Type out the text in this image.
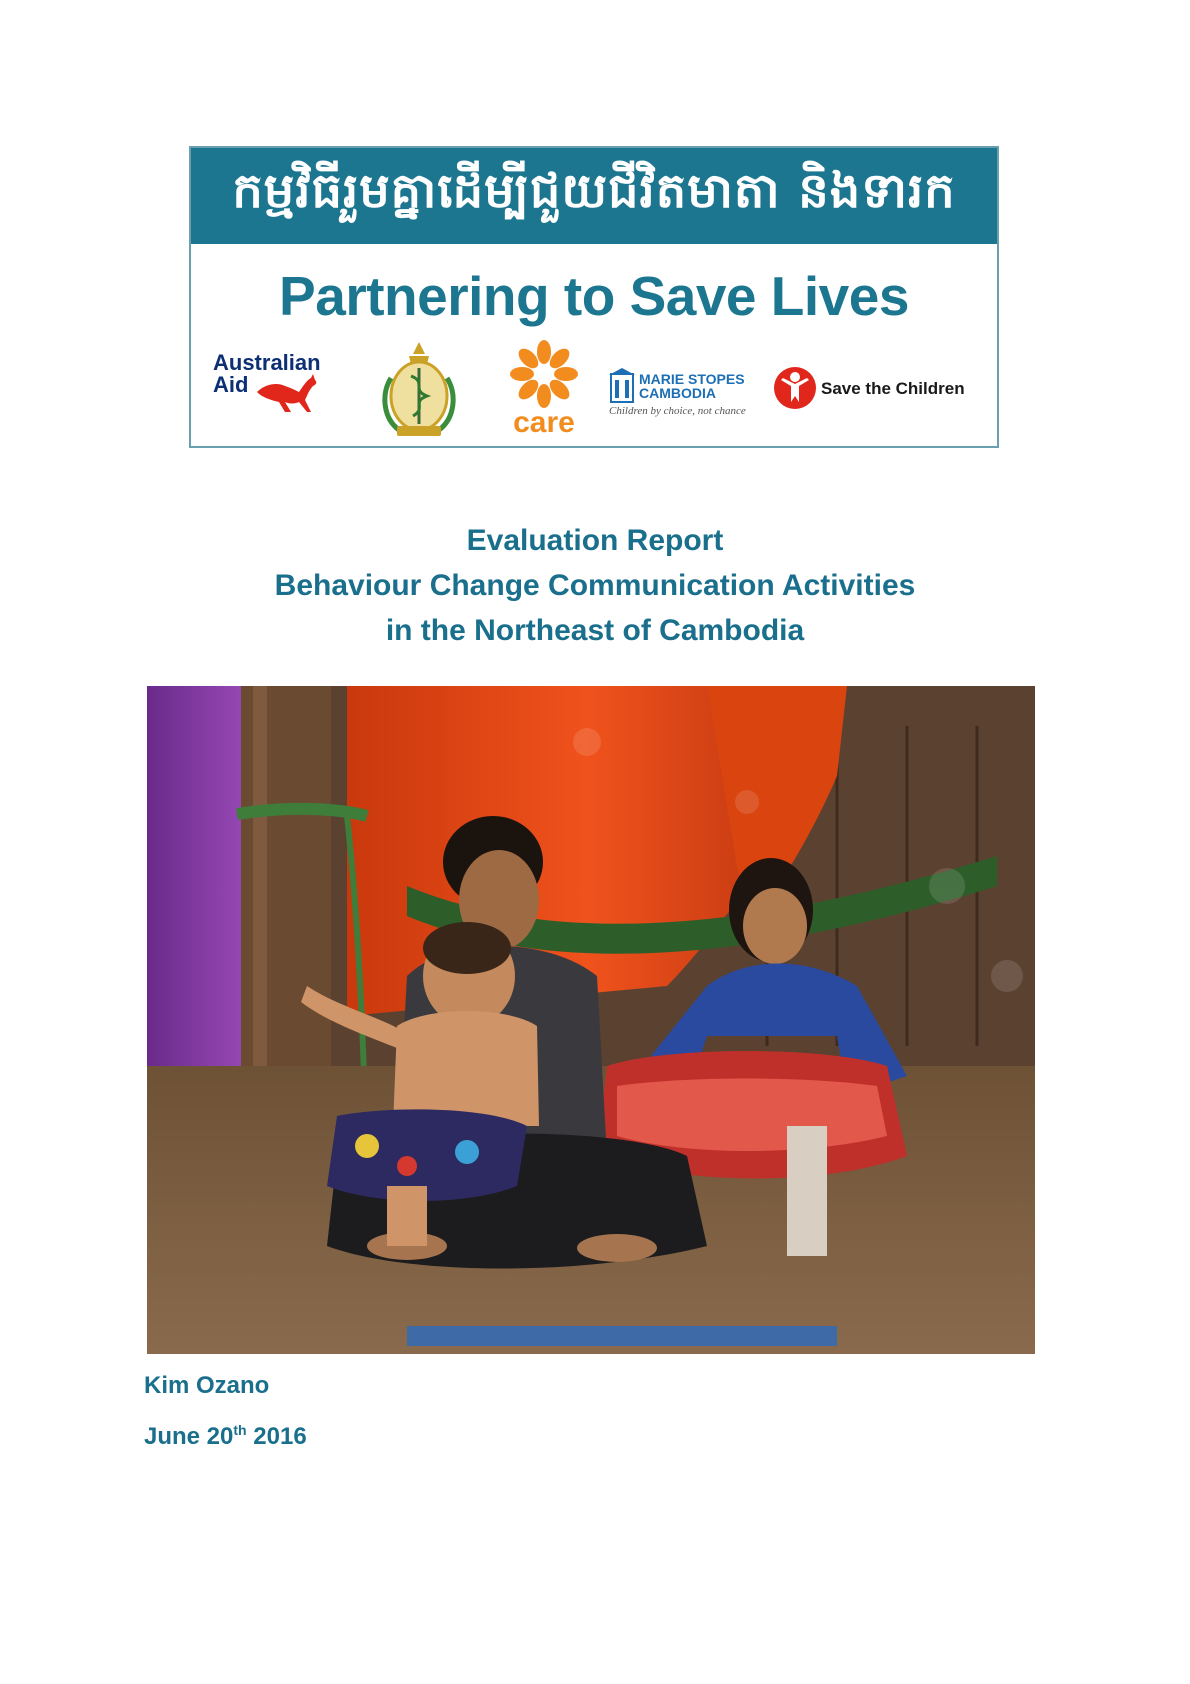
កម្មវិធីរួមគ្នាដើម្បីជួយជីវិតមាតា និងទារក
Partnering to Save Lives
Australian
Aid
care
MARIE STOPES
CAMBODIA
Children by choice, not chance
Save the Children
Evaluation Report
Behaviour Change Communication Activities
in the Northeast of Cambodia
Kim Ozano
June 20th 2016
